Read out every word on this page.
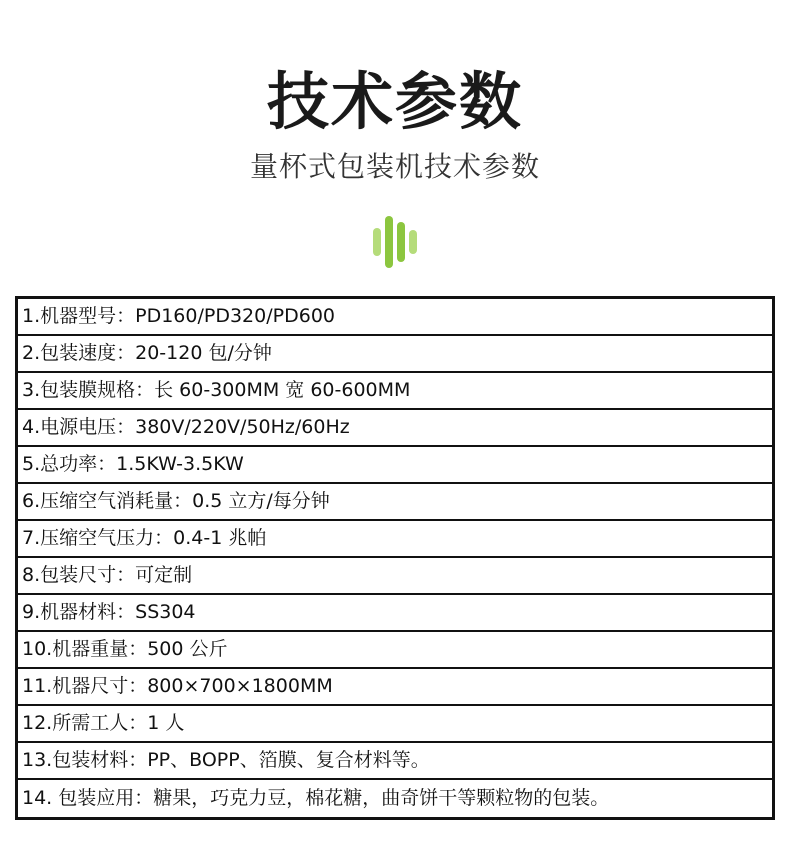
技术参数
量杯式包装机技术参数
1.机器型号：PD160/PD320/PD600
2.包装速度：20-120 包/分钟
3.包装膜规格：长 60-300MM 宽 60-600MM
4.电源电压：380V/220V/50Hz/60Hz
5.总功率：1.5KW-3.5KW
6.压缩空气消耗量：0.5 立方/每分钟
7.压缩空气压力：0.4-1 兆帕
8.包装尺寸：可定制
9.机器材料：SS304
10.机器重量：500 公斤
11.机器尺寸：800×700×1800MM
12.所需工人：1 人
13.包装材料：PP、BOPP、箔膜、复合材料等。
14. 包装应用：糖果，巧克力豆，棉花糖，曲奇饼干等颗粒物的包装。
